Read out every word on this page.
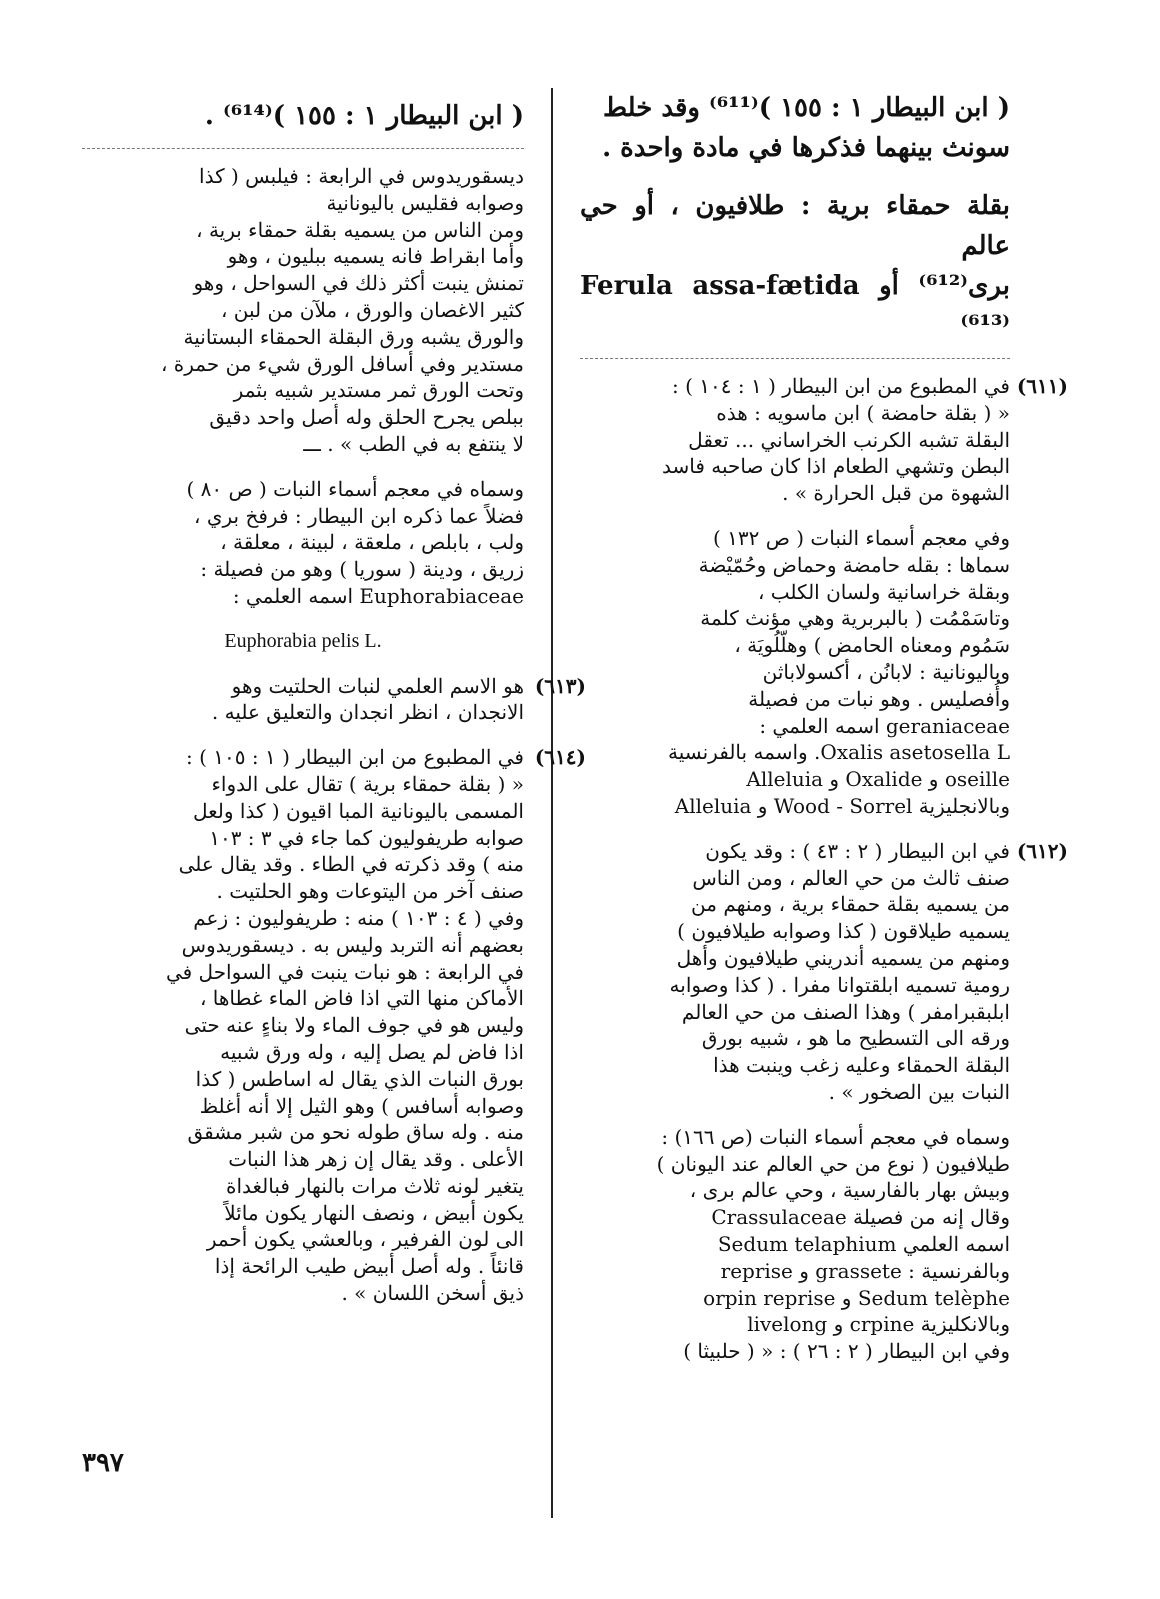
( ابن البيطار ١ : ١٥٥ )⁽⁶¹¹⁾ وقد خلط
سونث بينهما فذكرها في مادة واحدة .
بقلة حمقاء برية : طلافيون ، أو حي عالم
برى⁽⁶¹²⁾ أو Ferula assa-fætida ⁽⁶¹³⁾
(٦١١)
في المطبوع من ابن البيطار ( ١ : ١٠٤ ) :
« ( بقلة حامضة ) ابن ماسويه : هذه
البقلة تشبه الكرنب الخراساني ... تعقل
البطن وتشهي الطعام اذا كان صاحبه فاسد
الشهوة من قبل الحرارة » .
وفي معجم أسماء النبات ( ص ١٣٢ )
سماها : بقله حامضة وحماض وحُمّيْضة
وبقلة خراسانية ولسان الكلب ،
وتاسَمْمُت ( بالبربرية وهي مؤنث كلمة
سَمُوم ومعناه الحامض ) وهلّلُويَة ،
وباليونانية : لابانُن ، أكسولاباثن
وأُفصليس . وهو نبات من فصيلة
geraniaceae اسمه العلمي :
Oxalis asetosella L. واسمه بالفرنسية
oseille و Oxalide و Alleluia
وبالانجليزية Wood - Sorrel و Alleluia
(٦١٢)
في ابن البيطار ( ٢ : ٤٣ ) : وقد يكون
صنف ثالث من حي العالم ، ومن الناس
من يسميه بقلة حمقاء برية ، ومنهم من
يسميه طيلاقون ( كذا وصوابه طيلافيون )
ومنهم من يسميه أندريني طيلافيون وأهل
رومية تسميه ابلقتوانا مفرا . ( كذا وصوابه
ابلبقبرامفر ) وهذا الصنف من حي العالم
ورقه الى التسطيح ما هو ، شبيه بورق
البقلة الحمقاء وعليه زغب وينبت هذا
النبات بين الصخور » .
وسماه في معجم أسماء النبات (ص ١٦٦) :
طيلافيون ( نوع من حي العالم عند اليونان )
وبيش بهار بالفارسية ، وحي عالم برى ،
وقال إنه من فصيلة Crassulaceae
اسمه العلمي Sedum telaphium
وبالفرنسية : grassete و reprise
Sedum telèphe و orpin reprise
وبالانكليزية crpine و livelong
وفي ابن البيطار ( ٢ : ٢٦ ) : « ( حلبيثا )
( ابن البيطار ١ : ١٥٥ )⁽⁶¹⁴⁾ .
ديسقوريدوس في الرابعة : فيلبس ( كذا
وصوابه فقليس باليونانية
ومن الناس من يسميه بقلة حمقاء برية ،
وأما ابقراط فانه يسميه ببليون ، وهو
تمنش ينبت أكثر ذلك في السواحل ، وهو
كثير الاغصان والورق ، ملآن من لبن ،
والورق يشبه ورق البقلة الحمقاء البستانية
مستدير وفي أسافل الورق شيء من حمرة ،
وتحت الورق ثمر مستدير شبيه بثمر
ببلص يجرح الحلق وله أصل واحد دقيق
لا ينتفع به في الطب » . ـــ
وسماه في معجم أسماء النبات ( ص ٨٠ )
فضلاً عما ذكره ابن البيطار : فرفخ بري ،
ولب ، بابلص ، ملعقة ، لبينة ، معلقة ،
زريق ، ودينة ( سوريا ) وهو من فصيلة :
Euphorabiaceae اسمه العلمي :
Euphorabia pelis L.
(٦١٣)
هو الاسم العلمي لنبات الحلتيت وهو
الانجدان ، انظر انجدان والتعليق عليه .
(٦١٤)
في المطبوع من ابن البيطار ( ١ : ١٠٥ ) :
« ( بقلة حمقاء برية ) تقال على الدواء
المسمى باليونانية المبا اقيون ( كذا ولعل
صوابه طريفوليون كما جاء في ٣ : ١٠٣
منه ) وقد ذكرته في الطاء . وقد يقال على
صنف آخر من اليتوعات وهو الحلتيت .
وفي ( ٤ : ١٠٣ ) منه : طريفوليون : زعم
بعضهم أنه التربد وليس به . ديسقوريدوس
في الرابعة : هو نبات ينبت في السواحل في
الأماكن منها التي اذا فاض الماء غطاها ،
وليس هو في جوف الماء ولا بناءٍ عنه حتى
اذا فاض لم يصل إليه ، وله ورق شبيه
بورق النبات الذي يقال له اساطس ( كذا
وصوابه أسافس ) وهو الثيل إلا أنه أغلظ
منه . وله ساق طوله نحو من شبر مشقق
الأعلى . وقد يقال إن زهر هذا النبات
يتغير لونه ثلاث مرات بالنهار فبالغداة
يكون أبيض ، ونصف النهار يكون مائلاً
الى لون الفرفير ، وبالعشي يكون أحمر
قانئاً . وله أصل أبيض طيب الرائحة إذا
ذيق أسخن اللسان » .
٣٩٧
